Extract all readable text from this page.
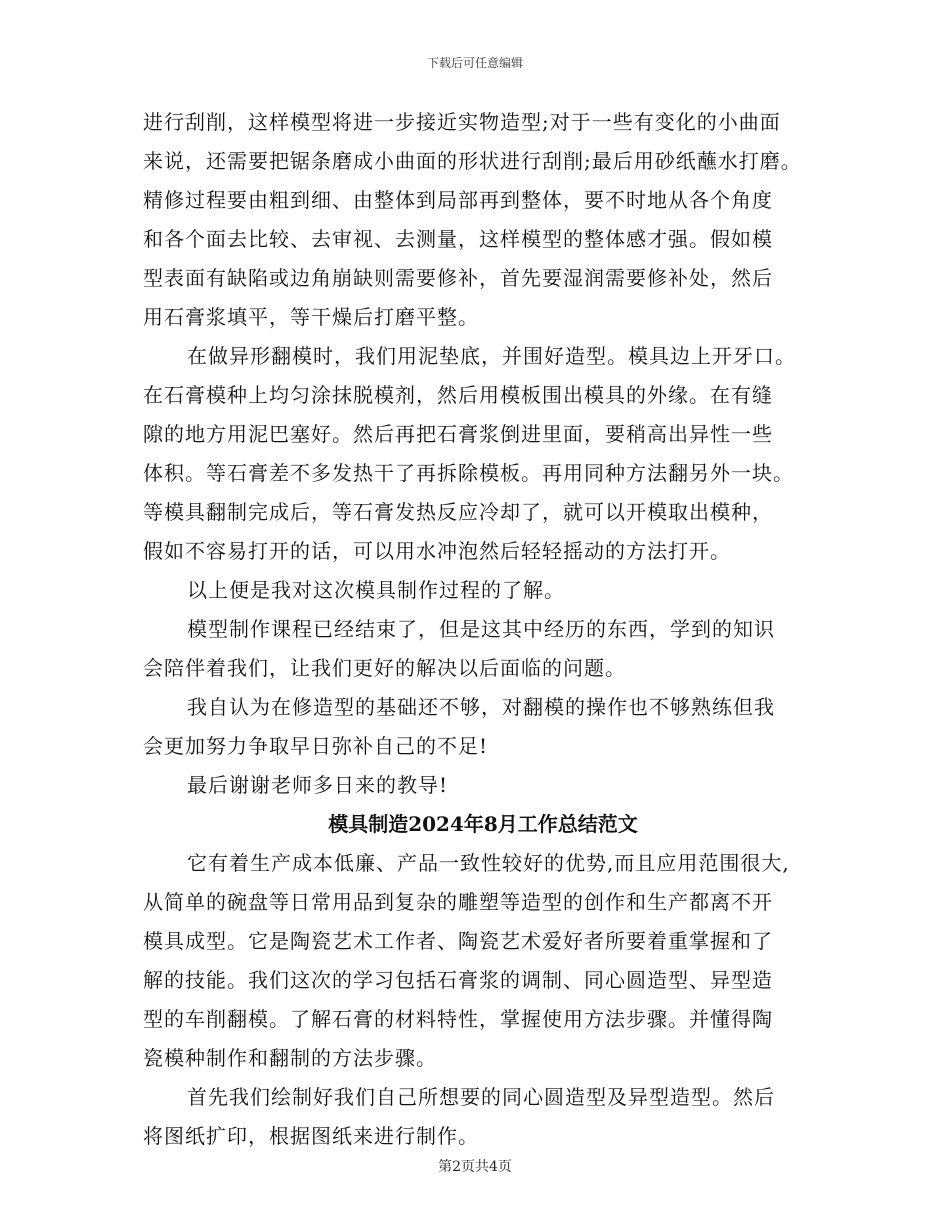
下载后可任意编辑
进行刮削，这样模型将进一步接近实物造型;对于一些有变化的小曲面
来说，还需要把锯条磨成小曲面的形状进行刮削;最后用砂纸蘸水打磨。
精修过程要由粗到细、由整体到局部再到整体，要不时地从各个角度
和各个面去比较、去审视、去测量，这样模型的整体感才强。假如模
型表面有缺陷或边角崩缺则需要修补，首先要湿润需要修补处，然后
用石膏浆填平，等干燥后打磨平整。
在做异形翻模时，我们用泥垫底，并围好造型。模具边上开牙口。
在石膏模种上均匀涂抹脱模剂，然后用模板围出模具的外缘。在有缝
隙的地方用泥巴塞好。然后再把石膏浆倒进里面，要稍高出异性一些
体积。等石膏差不多发热干了再拆除模板。再用同种方法翻另外一块。
等模具翻制完成后，等石膏发热反应冷却了，就可以开模取出模种，
假如不容易打开的话，可以用水冲泡然后轻轻摇动的方法打开。
以上便是我对这次模具制作过程的了解。
模型制作课程已经结束了，但是这其中经历的东西，学到的知识
会陪伴着我们，让我们更好的解决以后面临的问题。
我自认为在修造型的基础还不够，对翻模的操作也不够熟练但我
会更加努力争取早日弥补自己的不足!
最后谢谢老师多日来的教导!
模具制造2024年8月工作总结范文
它有着生产成本低廉、产品一致性较好的优势,而且应用范围很大,
从简单的碗盘等日常用品到复杂的雕塑等造型的创作和生产都离不开
模具成型。它是陶瓷艺术工作者、陶瓷艺术爱好者所要着重掌握和了
解的技能。我们这次的学习包括石膏浆的调制、同心圆造型、异型造
型的车削翻模。了解石膏的材料特性，掌握使用方法步骤。并懂得陶
瓷模种制作和翻制的方法步骤。
首先我们绘制好我们自己所想要的同心圆造型及异型造型。然后
将图纸扩印，根据图纸来进行制作。
第2页共4页
